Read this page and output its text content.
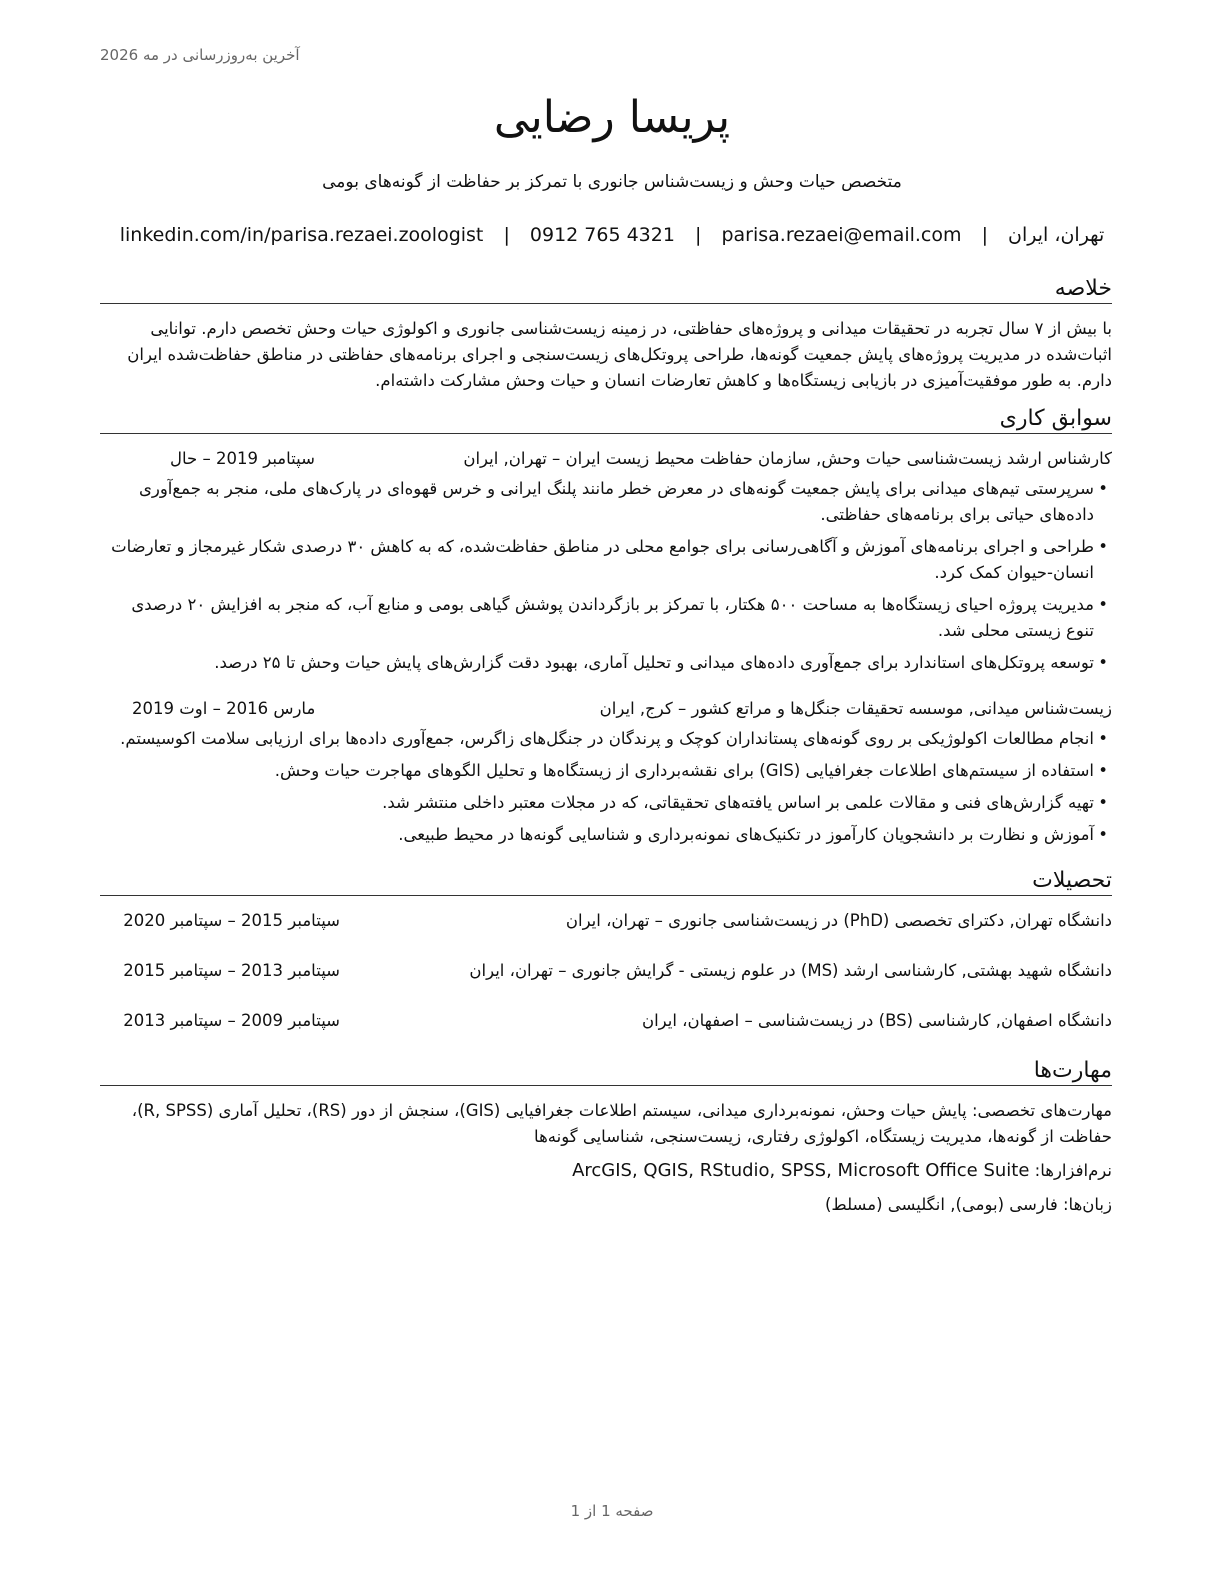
آخرین به‌روزرسانی در مه 2026
پریسا رضایی
متخصص حیات وحش و زیست‌شناس جانوری با تمرکز بر حفاظت از گونه‌های بومی
linkedin.com/in/parisa.rezaei.zoologist | 0912 765 4321 | parisa.rezaei@email.com | تهران، ایران
خلاصه

با بیش از ۷ سال تجربه در تحقیقات میدانی و پروژه‌های حفاظتی، در زمینه زیست‌شناسی جانوری و اکولوژی حیات وحش تخصص دارم. توانایی اثبات‌شده در مدیریت پروژه‌های پایش جمعیت گونه‌ها، طراحی پروتکل‌های زیست‌سنجی و اجرای برنامه‌های حفاظتی در مناطق حفاظت‌شده ایران دارم. به طور موفقیت‌آمیزی در بازیابی زیستگاه‌ها و کاهش تعارضات انسان و حیات وحش مشارکت داشته‌ام.

سوابق کاری
کارشناس ارشد زیست‌شناسی حیات وحش, سازمان حفاظت محیط زیست ایران – تهران, ایران
سپتامبر 2019 – حال
• سرپرستی تیم‌های میدانی برای پایش جمعیت گونه‌های در معرض خطر مانند پلنگ ایرانی و خرس قهوه‌ای در پارک‌های ملی، منجر به جمع‌آوری داده‌های حیاتی برای برنامه‌های حفاظتی.
• طراحی و اجرای برنامه‌های آموزش و آگاهی‌رسانی برای جوامع محلی در مناطق حفاظت‌شده، که به کاهش ۳۰ درصدی شکار غیرمجاز و تعارضات انسان-حیوان کمک کرد.
• مدیریت پروژه احیای زیستگاه‌ها به مساحت ۵۰۰ هکتار، با تمرکز بر بازگرداندن پوشش گیاهی بومی و منابع آب، که منجر به افزایش ۲۰ درصدی تنوع زیستی محلی شد.
• توسعه پروتکل‌های استاندارد برای جمع‌آوری داده‌های میدانی و تحلیل آماری، بهبود دقت گزارش‌های پایش حیات وحش تا ۲۵ درصد.
زیست‌شناس میدانی, موسسه تحقیقات جنگل‌ها و مراتع کشور – کرج, ایران
مارس 2016 – اوت 2019
• انجام مطالعات اکولوژیکی بر روی گونه‌های پستانداران کوچک و پرندگان در جنگل‌های زاگرس، جمع‌آوری داده‌ها برای ارزیابی سلامت اکوسیستم.
• استفاده از سیستم‌های اطلاعات جغرافیایی (GIS) برای نقشه‌برداری از زیستگاه‌ها و تحلیل الگوهای مهاجرت حیات وحش.
• تهیه گزارش‌های فنی و مقالات علمی بر اساس یافته‌های تحقیقاتی، که در مجلات معتبر داخلی منتشر شد.
• آموزش و نظارت بر دانشجویان کارآموز در تکنیک‌های نمونه‌برداری و شناسایی گونه‌ها در محیط طبیعی.
تحصیلات
دانشگاه تهران, دکترای تخصصی (PhD) در زیست‌شناسی جانوری – تهران، ایران
سپتامبر 2015 – سپتامبر 2020
دانشگاه شهید بهشتی, کارشناسی ارشد (MS) در علوم زیستی - گرایش جانوری – تهران، ایران
سپتامبر 2013 – سپتامبر 2015
دانشگاه اصفهان, کارشناسی (BS) در زیست‌شناسی – اصفهان، ایران
سپتامبر 2009 – سپتامبر 2013
مهارت‌ها
مهارت‌های تخصصی: پایش حیات وحش، نمونه‌برداری میدانی، سیستم اطلاعات جغرافیایی (GIS)، سنجش از دور (RS)، تحلیل آماری (R, SPSS)، حفاظت از گونه‌ها، مدیریت زیستگاه، اکولوژی رفتاری، زیست‌سنجی، شناسایی گونه‌ها
نرم‌افزارها: ArcGIS, QGIS, RStudio, SPSS, Microsoft Office Suite
زبان‌ها: فارسی (بومی), انگلیسی (مسلط)
صفحه 1 از 1
